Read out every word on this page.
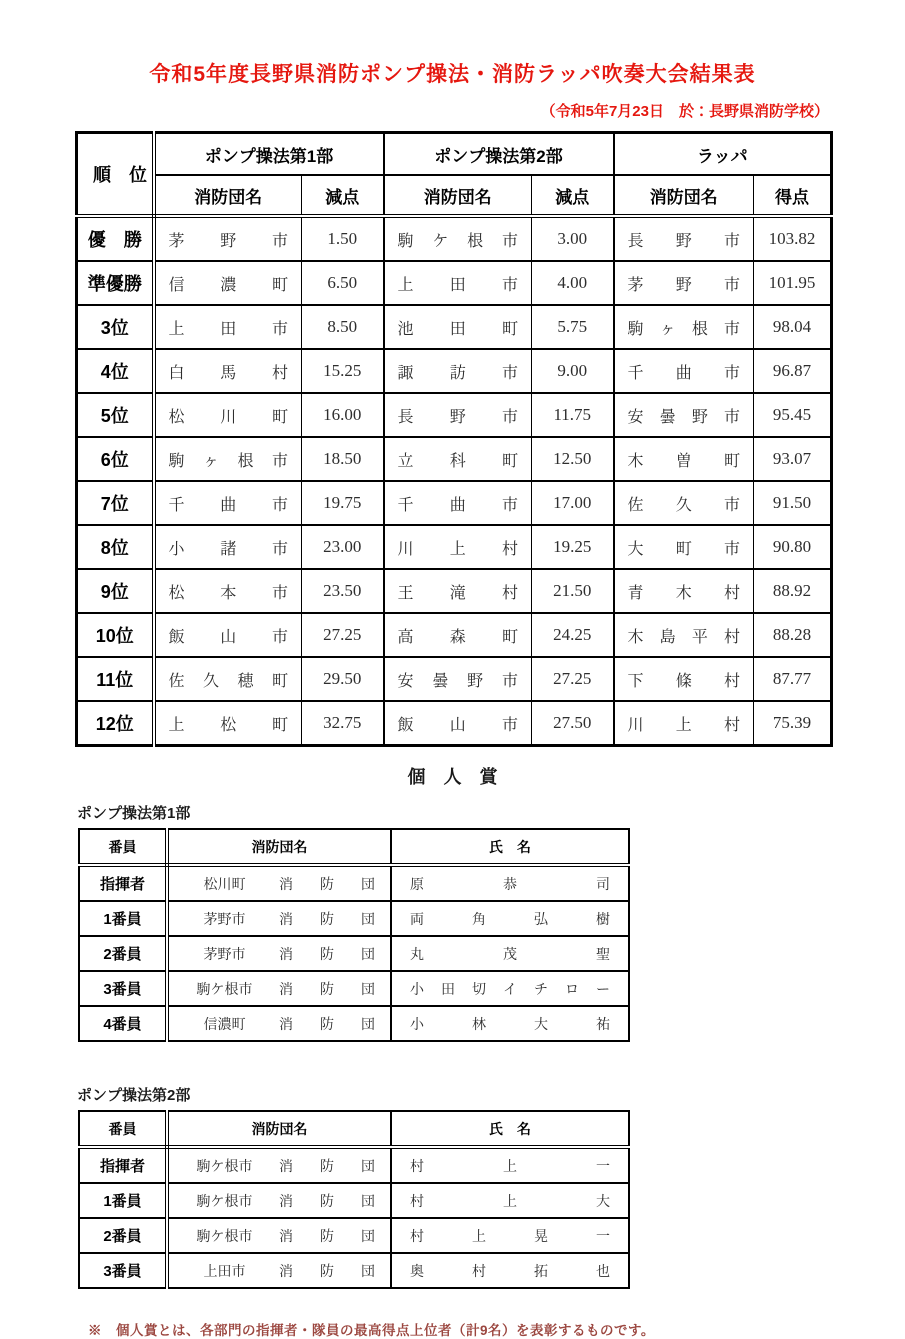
令和5年度長野県消防ポンプ操法・消防ラッパ吹奏大会結果表
（令和5年7月23日　於：長野県消防学校）
順　位	ポンプ操法第1部		ポンプ操法第2部		ラッパ	
	消防団名	減点	消防団名	減点	消防団名	得点
優　勝	茅野市	1.50	駒ケ根市	3.00	長野市	103.82
準優勝	信濃町	6.50	上田市	4.00	茅野市	101.95
3位	上田市	8.50	池田町	5.75	駒ヶ根市	98.04
4位	白馬村	15.25	諏訪市	9.00	千曲市	96.87
5位	松川町	16.00	長野市	11.75	安曇野市	95.45
6位	駒ヶ根市	18.50	立科町	12.50	木曽町	93.07
7位	千曲市	19.75	千曲市	17.00	佐久市	91.50
8位	小諸市	23.00	川上村	19.25	大町市	90.80
9位	松本市	23.50	王滝村	21.50	青木村	88.92
10位	飯山市	27.25	高森町	24.25	木島平村	88.28
11位	佐久穂町	29.50	安曇野市	27.25	下條村	87.77
12位	上松町	32.75	飯山市	27.50	川上村	75.39
個　人　賞
ポンプ操法第1部
番員	消防団名	氏　名
指揮者	松川町 消防団	原恭司
1番員	茅野市 消防団	両角弘樹
2番員	茅野市 消防団	丸茂聖
3番員	駒ケ根市 消防団	小田切イチロー
4番員	信濃町 消防団	小林大祐
ポンプ操法第2部
番員	消防団名	氏　名
指揮者	駒ケ根市 消防団	村上一
1番員	駒ケ根市 消防団	村上大
2番員	駒ケ根市 消防団	村上晃一
3番員	上田市 消防団	奥村拓也
※　個人賞とは、各部門の指揮者・隊員の最高得点上位者（計9名）を表彰するものです。
